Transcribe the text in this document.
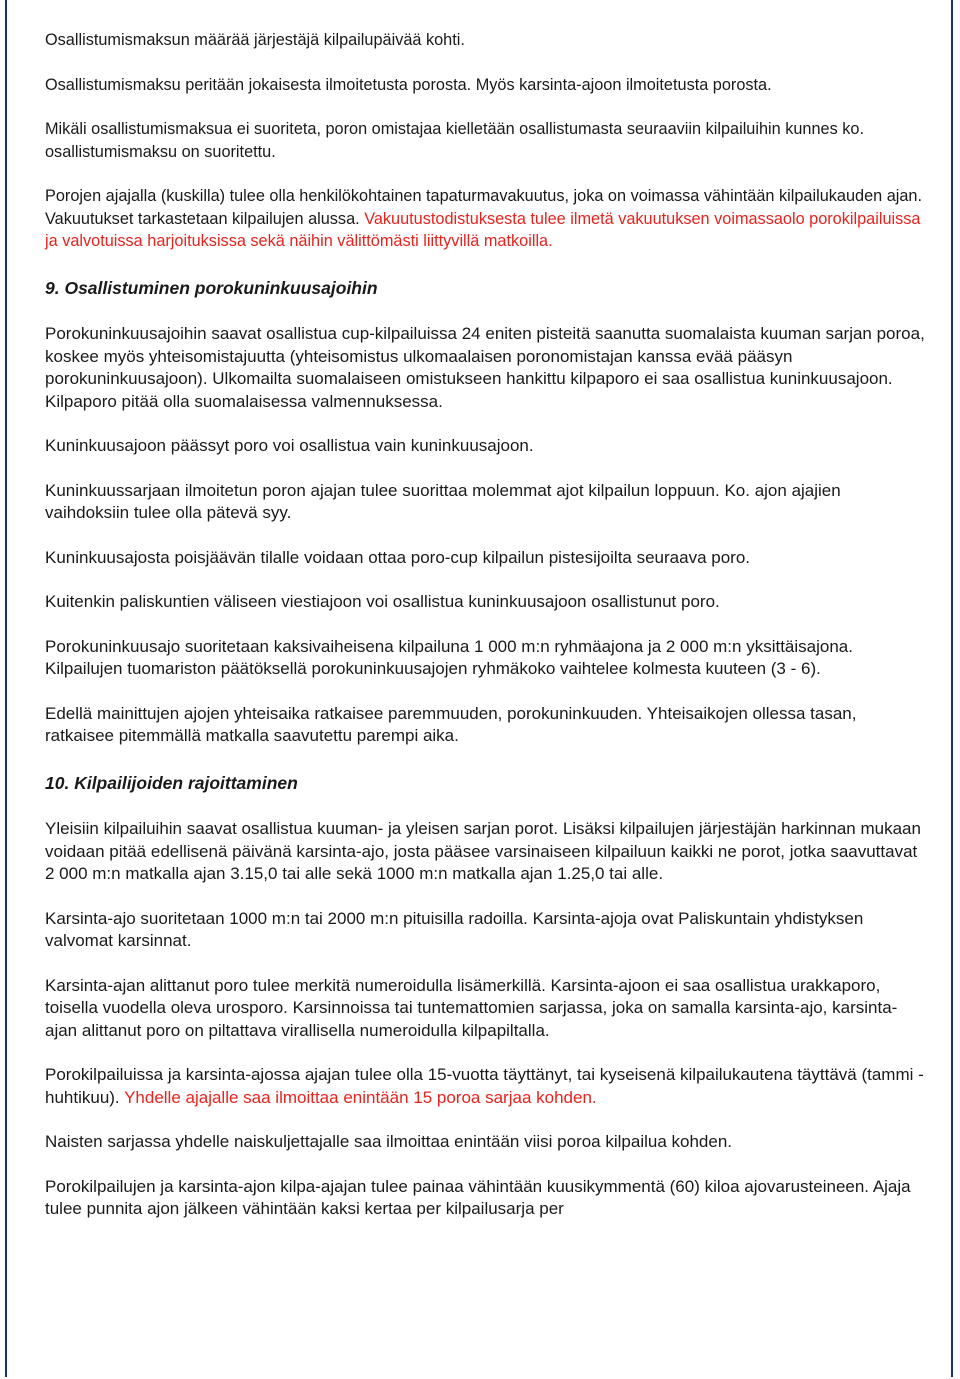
Osallistumismaksun määrää järjestäjä kilpailupäivää kohti.

Osallistumismaksu peritään jokaisesta ilmoitetusta porosta. Myös karsinta-ajoon ilmoitetusta porosta.

Mikäli osallistumismaksua ei suoriteta, poron omistajaa kielletään osallistumasta seuraaviin kilpailuihin kunnes ko. osallistumismaksu on suoritettu.

Porojen ajajalla (kuskilla) tulee olla henkilökohtainen tapaturmavakuutus, joka on voimassa vähintään kilpailukauden ajan. Vakuutukset tarkastetaan kilpailujen alussa. Vakuutustodistuksesta tulee ilmetä vakuutuksen voimassaolo porokilpailuissa ja valvotuissa harjoituksissa sekä näihin välittömästi liittyvillä matkoilla.

9. Osallistuminen porokuninkuusajoihin

Porokuninkuusajoihin saavat osallistua cup-kilpailuissa 24 eniten pisteitä saanutta suomalaista kuuman sarjan poroa, koskee myös yhteisomistajuutta (yhteisomistus ulkomaalaisen poronomistajan kanssa evää pääsyn porokuninkuusajoon). Ulkomailta suomalaiseen omistukseen hankittu kilpaporo ei saa osallistua kuninkuusajoon. Kilpaporo pitää olla suomalaisessa valmennuksessa.

Kuninkuusajoon päässyt poro voi osallistua vain kuninkuusajoon.

Kuninkuussarjaan ilmoitetun poron ajajan tulee suorittaa molemmat ajot kilpailun loppuun. Ko. ajon ajajien vaihdoksiin tulee olla pätevä syy.

Kuninkuusajosta poisjäävän tilalle voidaan ottaa poro-cup kilpailun pistesijoilta seuraava poro.

Kuitenkin paliskuntien väliseen viestiajoon voi osallistua kuninkuusajoon osallistunut poro.

Porokuninkuusajo suoritetaan kaksivaiheisena kilpailuna 1 000 m:n ryhmäajona ja 2 000 m:n yksittäisajona. Kilpailujen tuomariston päätöksellä porokuninkuusajojen ryhmäkoko vaihtelee kolmesta kuuteen (3 - 6).

Edellä mainittujen ajojen yhteisaika ratkaisee paremmuuden, porokuninkuuden. Yhteisaikojen ollessa tasan, ratkaisee pitemmällä matkalla saavutettu parempi aika.

10. Kilpailijoiden rajoittaminen

Yleisiin kilpailuihin saavat osallistua kuuman- ja yleisen sarjan porot. Lisäksi kilpailujen järjestäjän harkinnan mukaan voidaan pitää edellisenä päivänä karsinta-ajo, josta pääsee varsinaiseen kilpailuun kaikki ne porot, jotka saavuttavat 2 000 m:n matkalla ajan 3.15,0 tai alle sekä 1000 m:n matkalla ajan 1.25,0 tai alle.

Karsinta-ajo suoritetaan 1000 m:n tai 2000 m:n pituisilla radoilla. Karsinta-ajoja ovat Paliskuntain yhdistyksen valvomat karsinnat.

Karsinta-ajan alittanut poro tulee merkitä numeroidulla lisämerkillä. Karsinta-ajoon ei saa osallistua urakkaporo, toisella vuodella oleva urosporo. Karsinnoissa tai tuntemattomien sarjassa, joka on samalla karsinta-ajo, karsinta-ajan alittanut poro on piltattava virallisella numeroidulla kilpapiltalla.

Porokilpailuissa ja karsinta-ajossa ajajan tulee olla 15-vuotta täyttänyt, tai kyseisenä kilpailukautena täyttävä (tammi - huhtikuu). Yhdelle ajajalle saa ilmoittaa enintään 15 poroa sarjaa kohden.

Naisten sarjassa yhdelle naiskuljettajalle saa ilmoittaa enintään viisi poroa kilpailua kohden.

Porokilpailujen ja karsinta-ajon kilpa-ajajan tulee painaa vähintään kuusikymmentä (60) kiloa ajovarusteineen. Ajaja tulee punnita ajon jälkeen vähintään kaksi kertaa per kilpailusarja per
